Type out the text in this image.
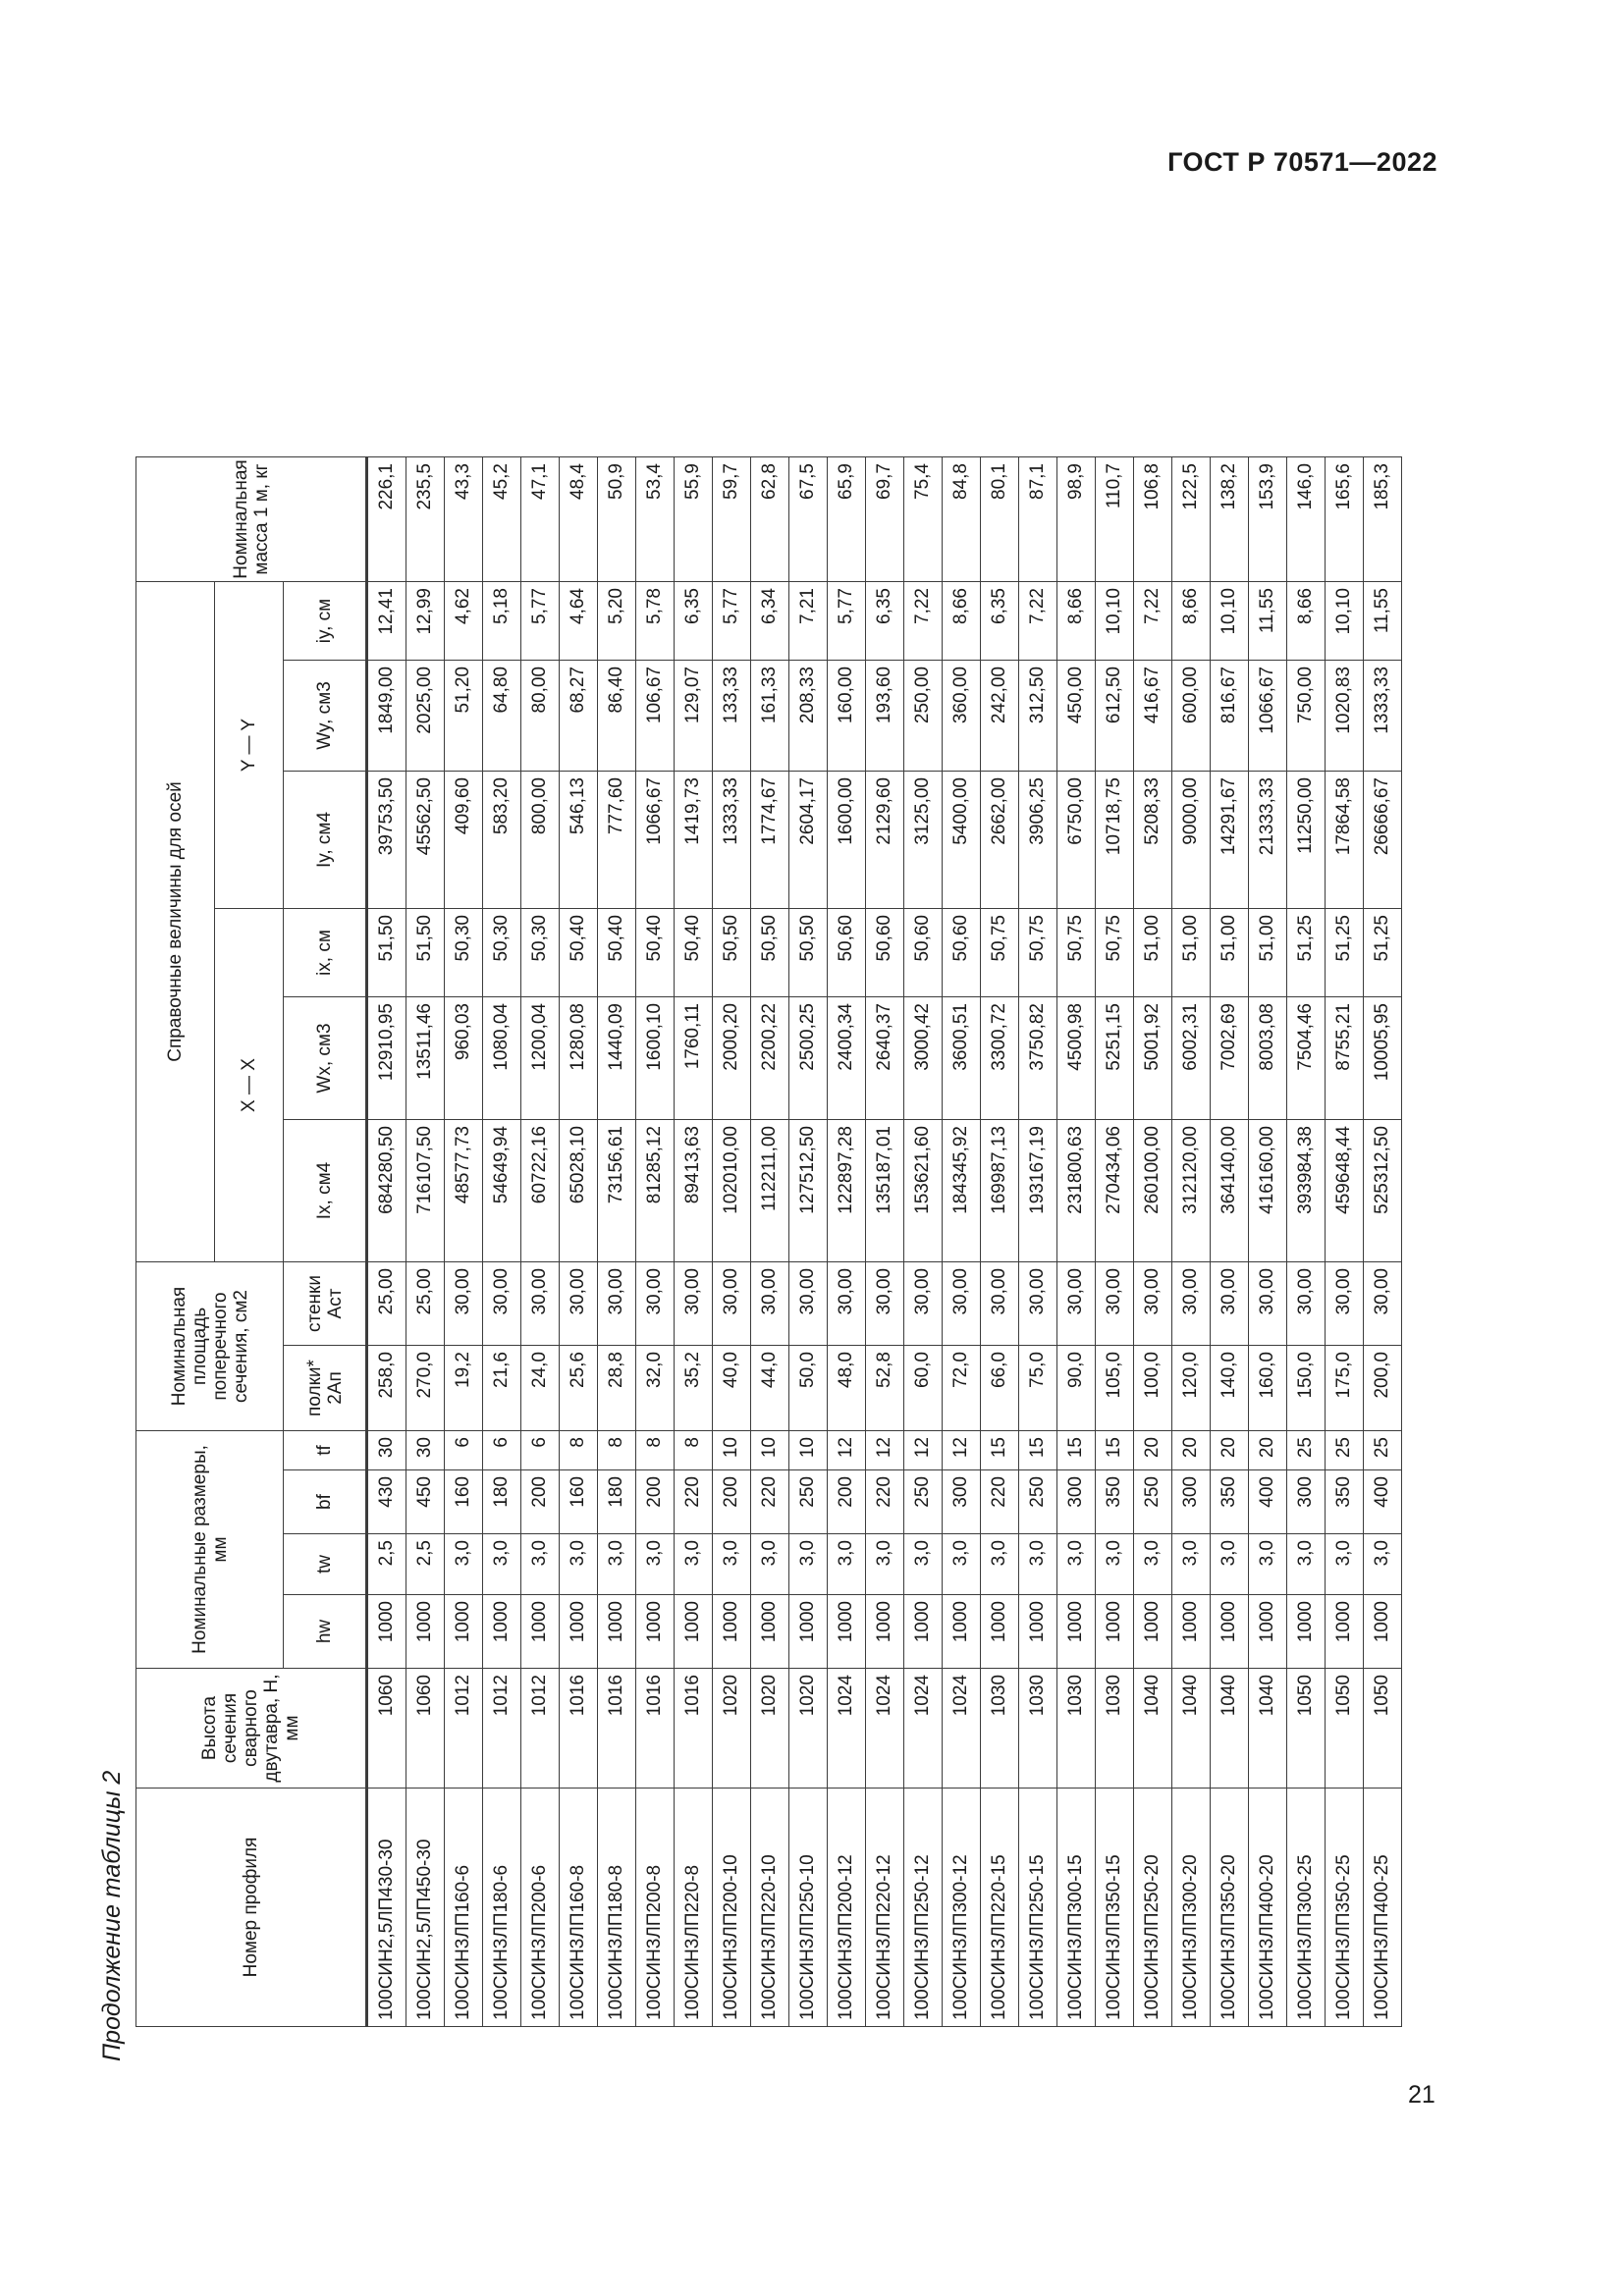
ГОСТ Р 70571—2022
21
Продолжение таблицы 2	Номер профиля	Высота сечения сварного двутавра, H, мм	Номинальные размеры, мм				Номинальная площадь поперечного сечения, см2		Справочные величины для осей						Номинальная масса 1 м, кг
								X — X			Y — Y			
		hw	tw	bf	tf	полки* 2Aп	стенки Aст	Ix, см4	Wx, см3	ix, см	Iy, см4	Wy, см3	iy, см	
100СИН2,5ЛП430-30	1060	1000	2,5	430	30	258,0	25,00	684280,50	12910,95	51,50	39753,50	1849,00	12,41	226,1
100СИН2,5ЛП450-30	1060	1000	2,5	450	30	270,0	25,00	716107,50	13511,46	51,50	45562,50	2025,00	12,99	235,5
100СИН3ЛП160-6	1012	1000	3,0	160	6	19,2	30,00	48577,73	960,03	50,30	409,60	51,20	4,62	43,3
100СИН3ЛП180-6	1012	1000	3,0	180	6	21,6	30,00	54649,94	1080,04	50,30	583,20	64,80	5,18	45,2
100СИН3ЛП200-6	1012	1000	3,0	200	6	24,0	30,00	60722,16	1200,04	50,30	800,00	80,00	5,77	47,1
100СИН3ЛП160-8	1016	1000	3,0	160	8	25,6	30,00	65028,10	1280,08	50,40	546,13	68,27	4,64	48,4
100СИН3ЛП180-8	1016	1000	3,0	180	8	28,8	30,00	73156,61	1440,09	50,40	777,60	86,40	5,20	50,9
100СИН3ЛП200-8	1016	1000	3,0	200	8	32,0	30,00	81285,12	1600,10	50,40	1066,67	106,67	5,78	53,4
100СИН3ЛП220-8	1016	1000	3,0	220	8	35,2	30,00	89413,63	1760,11	50,40	1419,73	129,07	6,35	55,9
100СИН3ЛП200-10	1020	1000	3,0	200	10	40,0	30,00	102010,00	2000,20	50,50	1333,33	133,33	5,77	59,7
100СИН3ЛП220-10	1020	1000	3,0	220	10	44,0	30,00	112211,00	2200,22	50,50	1774,67	161,33	6,34	62,8
100СИН3ЛП250-10	1020	1000	3,0	250	10	50,0	30,00	127512,50	2500,25	50,50	2604,17	208,33	7,21	67,5
100СИН3ЛП200-12	1024	1000	3,0	200	12	48,0	30,00	122897,28	2400,34	50,60	1600,00	160,00	5,77	65,9
100СИН3ЛП220-12	1024	1000	3,0	220	12	52,8	30,00	135187,01	2640,37	50,60	2129,60	193,60	6,35	69,7
100СИН3ЛП250-12	1024	1000	3,0	250	12	60,0	30,00	153621,60	3000,42	50,60	3125,00	250,00	7,22	75,4
100СИН3ЛП300-12	1024	1000	3,0	300	12	72,0	30,00	184345,92	3600,51	50,60	5400,00	360,00	8,66	84,8
100СИН3ЛП220-15	1030	1000	3,0	220	15	66,0	30,00	169987,13	3300,72	50,75	2662,00	242,00	6,35	80,1
100СИН3ЛП250-15	1030	1000	3,0	250	15	75,0	30,00	193167,19	3750,82	50,75	3906,25	312,50	7,22	87,1
100СИН3ЛП300-15	1030	1000	3,0	300	15	90,0	30,00	231800,63	4500,98	50,75	6750,00	450,00	8,66	98,9
100СИН3ЛП350-15	1030	1000	3,0	350	15	105,0	30,00	270434,06	5251,15	50,75	10718,75	612,50	10,10	110,7
100СИН3ЛП250-20	1040	1000	3,0	250	20	100,0	30,00	260100,00	5001,92	51,00	5208,33	416,67	7,22	106,8
100СИН3ЛП300-20	1040	1000	3,0	300	20	120,0	30,00	312120,00	6002,31	51,00	9000,00	600,00	8,66	122,5
100СИН3ЛП350-20	1040	1000	3,0	350	20	140,0	30,00	364140,00	7002,69	51,00	14291,67	816,67	10,10	138,2
100СИН3ЛП400-20	1040	1000	3,0	400	20	160,0	30,00	416160,00	8003,08	51,00	21333,33	1066,67	11,55	153,9
100СИН3ЛП300-25	1050	1000	3,0	300	25	150,0	30,00	393984,38	7504,46	51,25	11250,00	750,00	8,66	146,0
100СИН3ЛП350-25	1050	1000	3,0	350	25	175,0	30,00	459648,44	8755,21	51,25	17864,58	1020,83	10,10	165,6
100СИН3ЛП400-25	1050	1000	3,0	400	25	200,0	30,00	525312,50	10005,95	51,25	26666,67	1333,33	11,55	185,3
